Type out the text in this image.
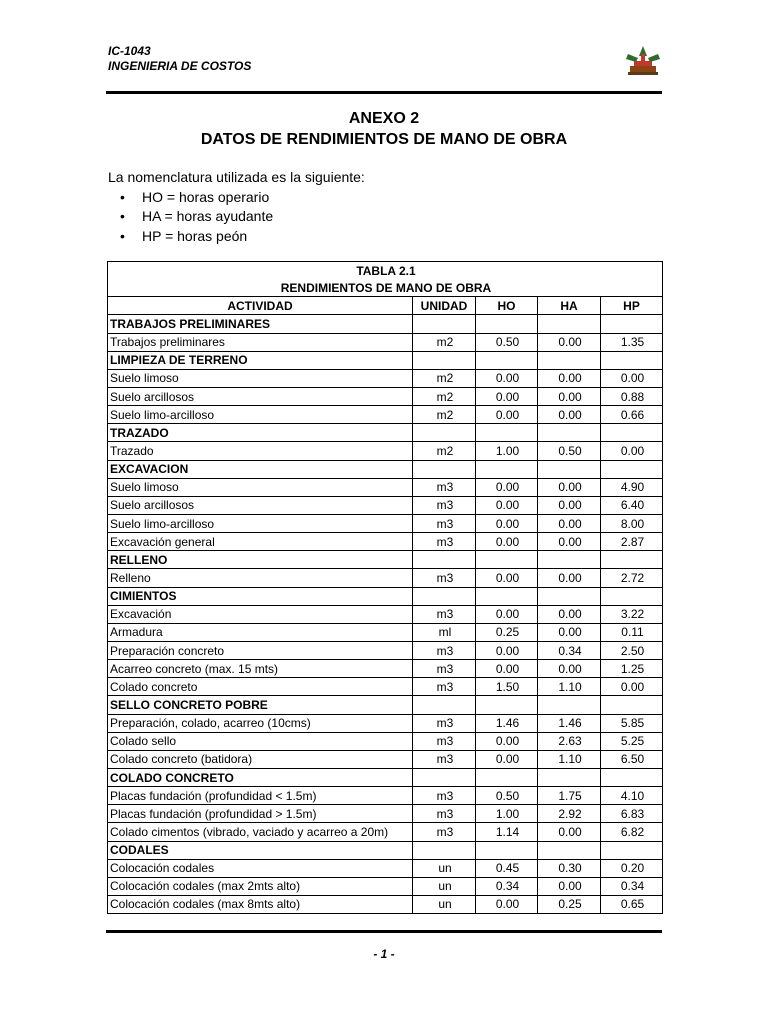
IC-1043
INGENIERIA DE COSTOS
ANEXO 2
DATOS DE RENDIMIENTOS DE MANO DE OBRA
La nomenclatura utilizada es la siguiente:
• HO = horas operario
• HA = horas ayudante
• HP = horas peón
TABLA 2.1				
RENDIMIENTOS DE MANO DE OBRA				
ACTIVIDAD	UNIDAD	HO	HA	HP
TRABAJOS PRELIMINARES				
Trabajos preliminares	m2	0.50	0.00	1.35
LIMPIEZA DE TERRENO				
Suelo limoso	m2	0.00	0.00	0.00
Suelo arcillosos	m2	0.00	0.00	0.88
Suelo limo-arcilloso	m2	0.00	0.00	0.66
TRAZADO				
Trazado	m2	1.00	0.50	0.00
EXCAVACION				
Suelo limoso	m3	0.00	0.00	4.90
Suelo arcillosos	m3	0.00	0.00	6.40
Suelo limo-arcilloso	m3	0.00	0.00	8.00
Excavación general	m3	0.00	0.00	2.87
RELLENO				
Relleno	m3	0.00	0.00	2.72
CIMIENTOS				
Excavación	m3	0.00	0.00	3.22
Armadura	ml	0.25	0.00	0.11
Preparación concreto	m3	0.00	0.34	2.50
Acarreo concreto (max. 15 mts)	m3	0.00	0.00	1.25
Colado concreto	m3	1.50	1.10	0.00
SELLO CONCRETO POBRE				
Preparación, colado, acarreo (10cms)	m3	1.46	1.46	5.85
Colado sello	m3	0.00	2.63	5.25
Colado concreto (batidora)	m3	0.00	1.10	6.50
COLADO CONCRETO				
Placas fundación (profundidad < 1.5m)	m3	0.50	1.75	4.10
Placas fundación (profundidad > 1.5m)	m3	1.00	2.92	6.83
Colado cimentos (vibrado, vaciado y acarreo a 20m)	m3	1.14	0.00	6.82
CODALES				
Colocación codales	un	0.45	0.30	0.20
Colocación codales (max 2mts alto)	un	0.34	0.00	0.34
Colocación codales (max 8mts alto)	un	0.00	0.25	0.65
- 1 -
